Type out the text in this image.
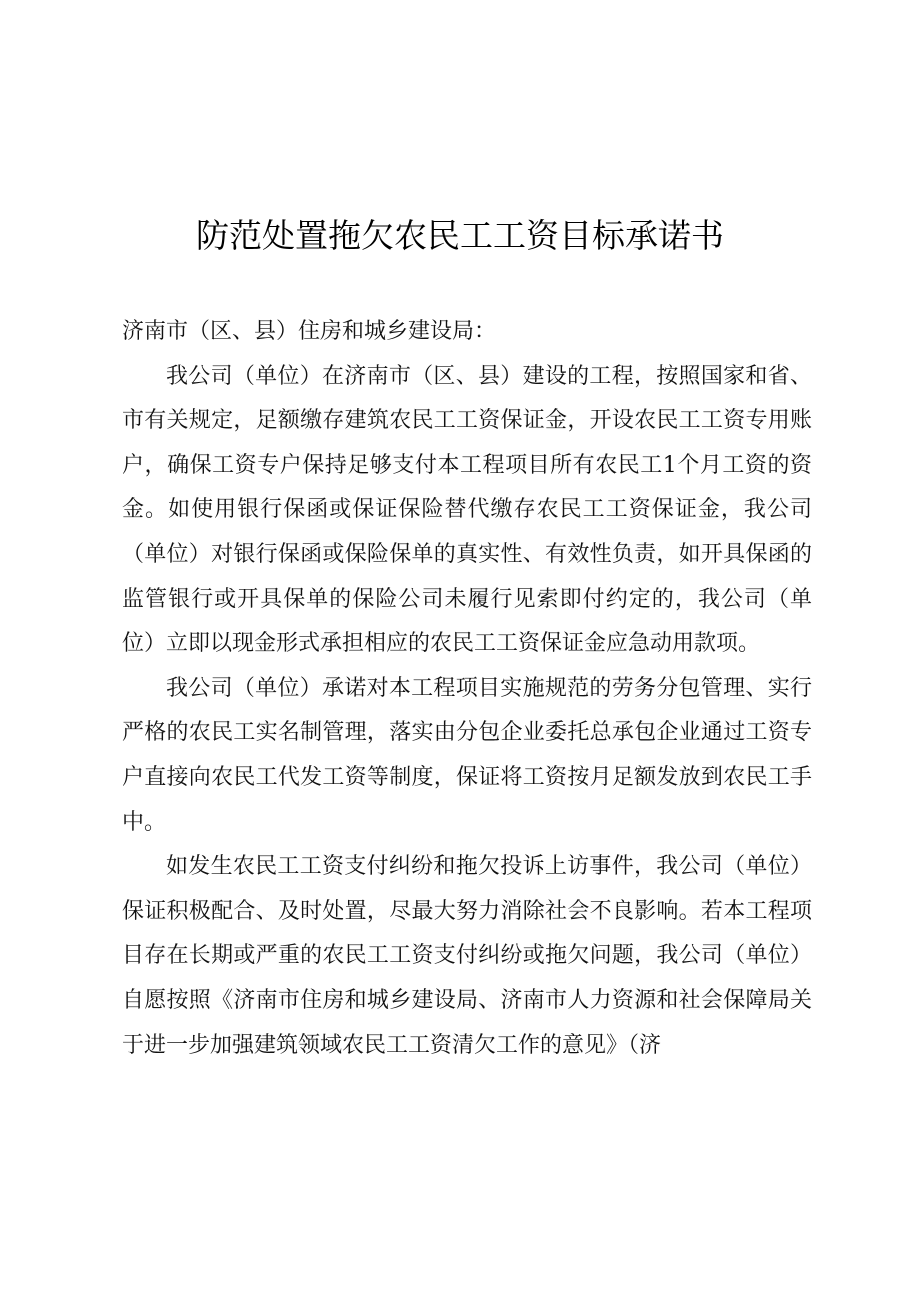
防范处置拖欠农民工工资目标承诺书

济南市（区、县）住房和城乡建设局：

我公司（单位）在济南市（区、县）建设的工程，按照国家和省、市有关规定，足额缴存建筑农民工工资保证金，开设农民工工资专用账户，确保工资专户保持足够支付本工程项目所有农民工1个月工资的资金。如使用银行保函或保证保险替代缴存农民工工资保证金，我公司（单位）对银行保函或保险保单的真实性、有效性负责，如开具保函的监管银行或开具保单的保险公司未履行见索即付约定的，我公司（单位）立即以现金形式承担相应的农民工工资保证金应急动用款项。

我公司（单位）承诺对本工程项目实施规范的劳务分包管理、实行严格的农民工实名制管理，落实由分包企业委托总承包企业通过工资专户直接向农民工代发工资等制度，保证将工资按月足额发放到农民工手中。

如发生农民工工资支付纠纷和拖欠投诉上访事件，我公司（单位）保证积极配合、及时处置，尽最大努力消除社会不良影响。若本工程项目存在长期或严重的农民工工资支付纠纷或拖欠问题，我公司（单位）自愿按照《济南市住房和城乡建设局、济南市人力资源和社会保障局关于进一步加强建筑领域农民工工资清欠工作的意见》（济
